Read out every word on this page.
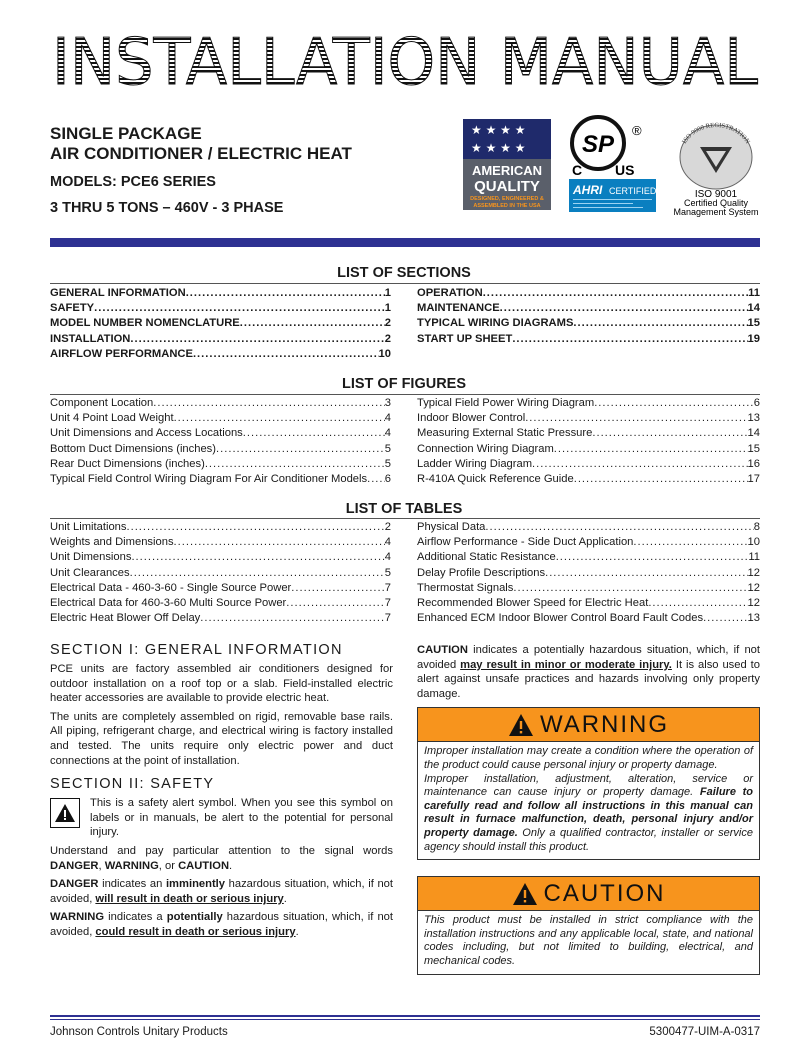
INSTALLATION MANUAL
SINGLE PACKAGE
AIR CONDITIONER / ELECTRIC HEAT
MODELS: PCE6 SERIES
3 THRU 5 TONS – 460V - 3 PHASE
★ ★ ★ ★
★ ★ ★ ★
AMERICAN
QUALITY
DESIGNED, ENGINEERED &
ASSEMBLED IN THE USA
SP
C US
®
AHRI CERTIFIED
ISO 9000 REGISTRATION
ISO 9001
Certified Quality
Management System
LIST OF SECTIONS
GENERAL INFORMATION .....	1
SAFETY .....	1
MODEL NUMBER NOMENCLATURE .....	2
INSTALLATION .....	2
AIRFLOW PERFORMANCE .....	10
OPERATION .....	11
MAINTENANCE .....	14
TYPICAL WIRING DIAGRAMS .....	15
START UP SHEET .....	19
LIST OF FIGURES
Component Location .....	3
Unit 4 Point Load Weight .....	4
Unit Dimensions and Access Locations .....	4
Bottom Duct Dimensions (inches) .....	5
Rear Duct Dimensions (inches) .....	5
Typical Field Control Wiring Diagram For Air Conditioner Models ..... 6
Typical Field Power Wiring Diagram .....	6
Indoor Blower Control .....	13
Measuring External Static Pressure .....	14
Connection Wiring Diagram .....	15
Ladder Wiring Diagram .....	16
R-410A Quick Reference Guide .....	17
LIST OF TABLES
Unit Limitations .....	2
Weights and Dimensions .....	4
Unit Dimensions .....	4
Unit Clearances .....	5
Electrical Data - 460-3-60 - Single Source Power .....	7
Electrical Data for 460-3-60 Multi Source Power .....	7
Electric Heat Blower Off Delay .....	7
Physical Data .....	8
Airflow Performance - Side Duct Application .....	10
Additional Static Resistance .....	11
Delay Profile Descriptions .....	12
Thermostat Signals .....	12
Recommended Blower Speed for Electric Heat .....	12
Enhanced ECM Indoor Blower Control Board Fault Codes .....	13
SECTION I: GENERAL INFORMATION

PCE units are factory assembled air conditioners designed for outdoor installation on a roof top or a slab. Field-installed electric heater accessories are available to provide electric heat.

The units are completely assembled on rigid, removable base rails. All piping, refrigerant charge, and electrical wiring is factory installed and tested. The units require only electric power and duct connections at the point of installation.

SECTION II: SAFETY
This is a safety alert symbol. When you see this symbol on labels or in manuals, be alert to the potential for personal injury.

Understand and pay particular attention to the signal words DANGER, WARNING, or CAUTION.

DANGER indicates an imminently hazardous situation, which, if not avoided, will result in death or serious injury.

WARNING indicates a potentially hazardous situation, which, if not avoided, could result in death or serious injury.

CAUTION indicates a potentially hazardous situation, which, if not avoided may result in minor or moderate injury. It is also used to alert against unsafe practices and hazards involving only property damage.

WARNING
Improper installation may create a condition where the operation of the product could cause personal injury or property damage.
Improper installation, adjustment, alteration, service or maintenance can cause injury or property damage. Failure to carefully read and follow all instructions in this manual can result in furnace malfunction, death, personal injury and/or property damage. Only a qualified contractor, installer or service agency should install this product.
CAUTION
This product must be installed in strict compliance with the installation instructions and any applicable local, state, and national codes including, but not limited to building, electrical, and mechanical codes.
Johnson Controls Unitary Products	5300477-UIM-A-0317
